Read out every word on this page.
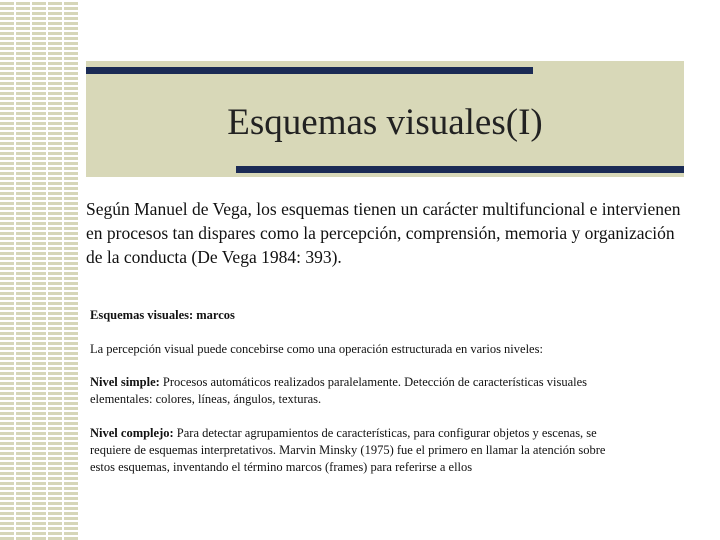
Esquemas visuales(I)

Según Manuel de Vega, los esquemas tienen un carácter multifuncional e intervienen en procesos tan dispares como la percepción, comprensión, memoria y organización de la conducta (De Vega 1984: 393).

Esquemas visuales: marcos

La percepción visual puede concebirse como una operación estructurada en varios niveles:

Nivel simple: Procesos automáticos realizados paralelamente. Detección de características visuales elementales: colores, líneas, ángulos, texturas.

Nivel complejo: Para detectar agrupamientos de características, para configurar objetos y escenas, se requiere de esquemas interpretativos. Marvin Minsky (1975) fue el primero en llamar la atención sobre estos esquemas, inventando el término marcos (frames) para referirse a ellos
